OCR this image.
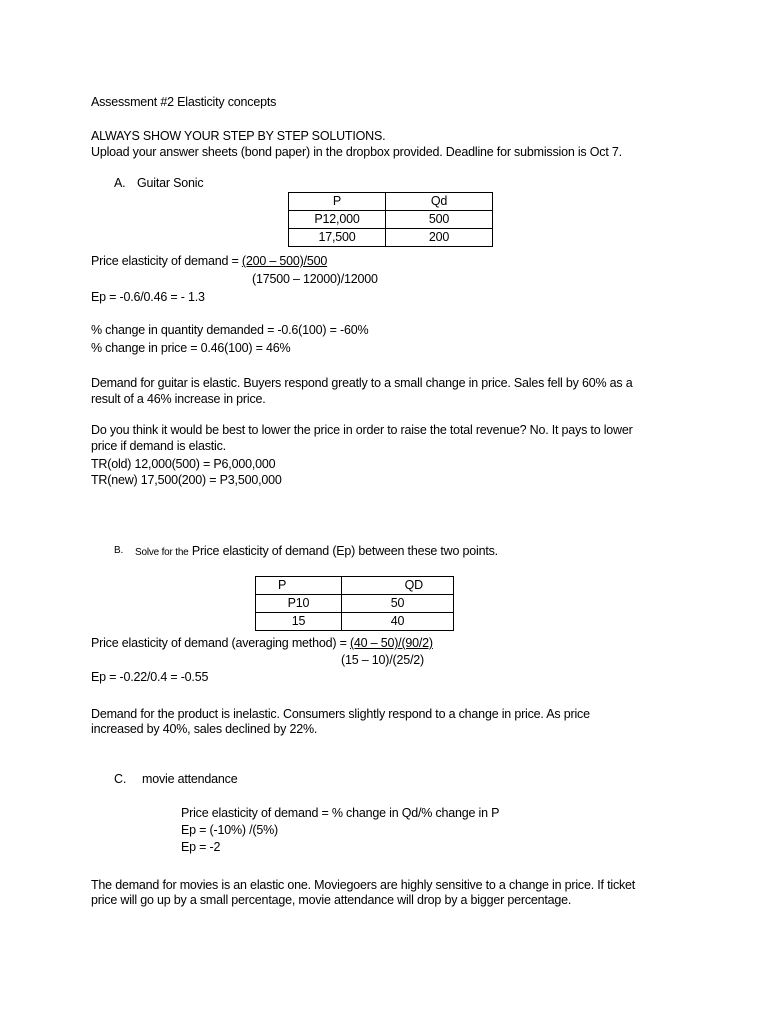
Assessment #2 Elasticity concepts
ALWAYS SHOW YOUR STEP BY STEP SOLUTIONS.
Upload your answer sheets (bond paper) in the dropbox provided. Deadline for submission is Oct 7.
A. Guitar Sonic
P	Qd
P12,000	500
17,500	200
Price elasticity of demand = (200 – 500)/500
(17500 – 12000)/12000
Ep = -0.6/0.46 = - 1.3
% change in quantity demanded = -0.6(100) = -60%
% change in price = 0.46(100) = 46%
Demand for guitar is elastic. Buyers respond greatly to a small change in price. Sales fell by 60% as a
result of a 46% increase in price.
Do you think it would be best to lower the price in order to raise the total revenue? No. It pays to lower
price if demand is elastic.
TR(old) 12,000(500) = P6,000,000
TR(new) 17,500(200) = P3,500,000
B. Solve for the Price elasticity of demand (Ep) between these two points.
P	QD
P10	50
15	40
Price elasticity of demand (averaging method) = (40 – 50)/(90/2)
(15 – 10)/(25/2)
Ep = -0.22/0.4 = -0.55
Demand for the product is inelastic. Consumers slightly respond to a change in price. As price
increased by 40%, sales declined by 22%.
C. movie attendance
Price elasticity of demand = % change in Qd/% change in P
Ep = (-10%) /(5%)
Ep = -2
The demand for movies is an elastic one. Moviegoers are highly sensitive to a change in price. If ticket
price will go up by a small percentage, movie attendance will drop by a bigger percentage.
